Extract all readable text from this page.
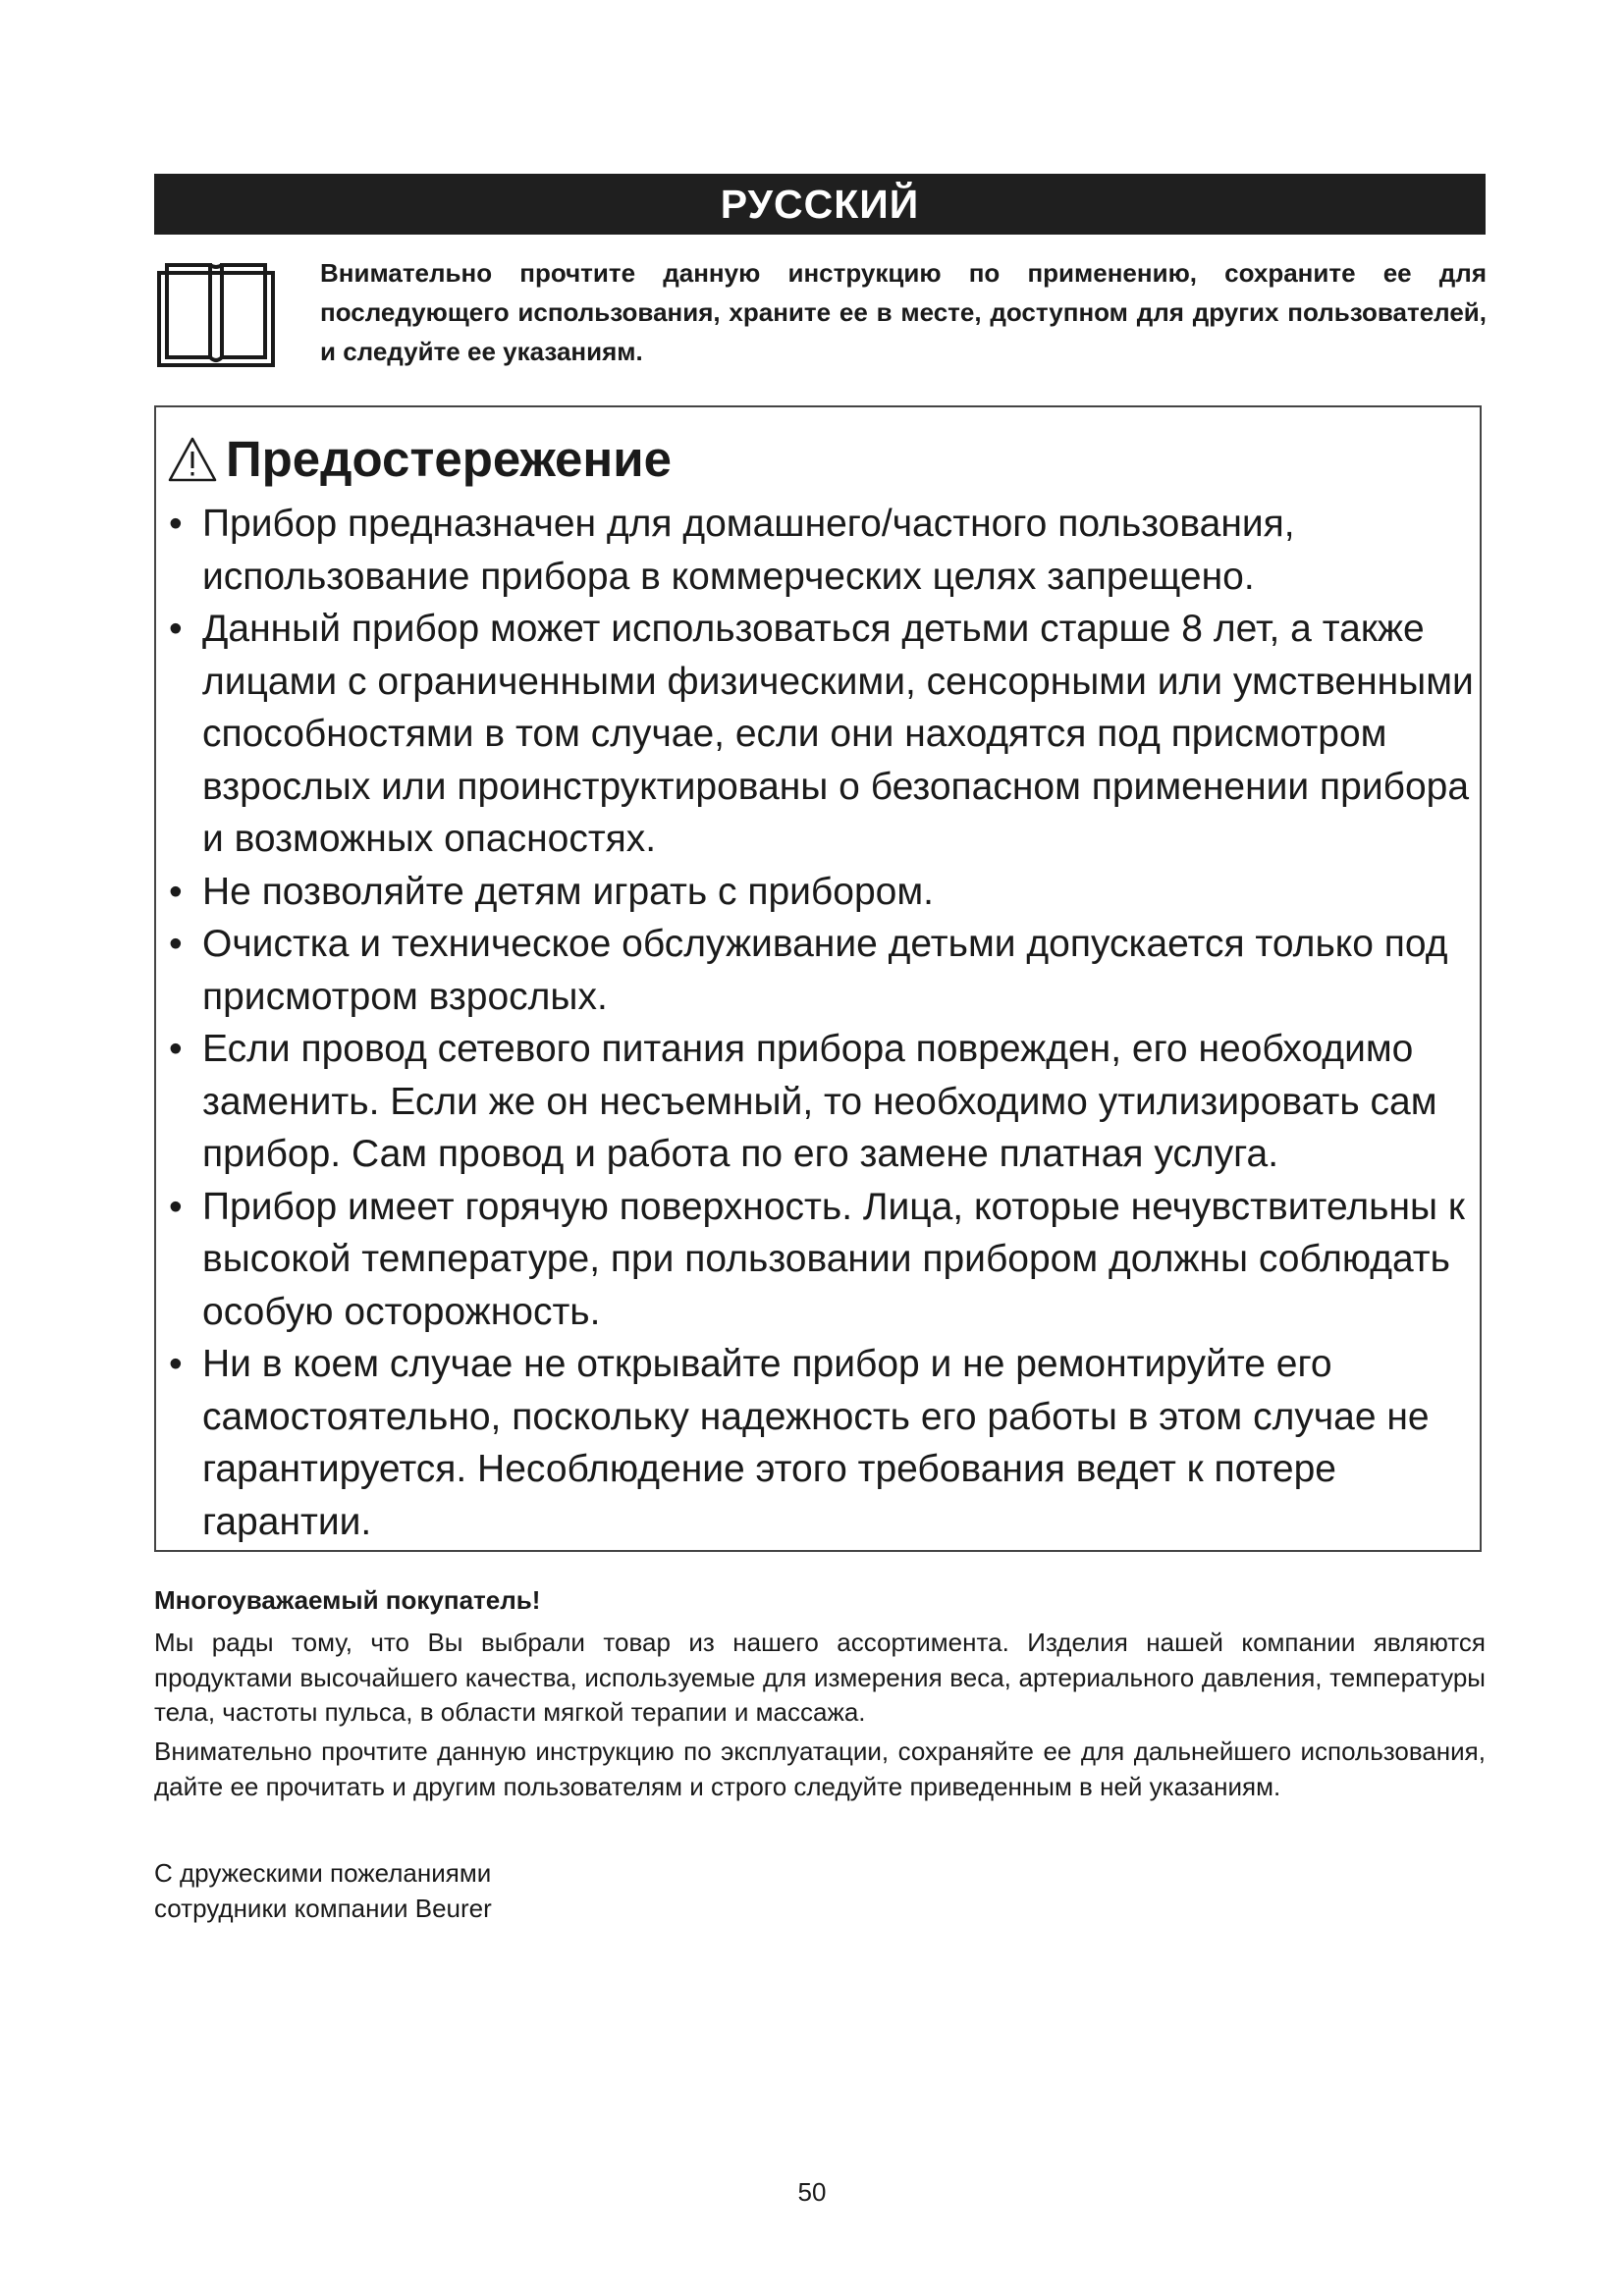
РУССКИЙ

Внимательно прочтите данную инструкцию по применению, сохраните ее для последующего использования, храните ее в месте, доступном для других пользователей, и следуйте ее указаниям.

Предостережение
• Прибор предназначен для домашнего/частного пользования, использование прибора в коммерческих целях запрещено.
• Данный прибор может использоваться детьми старше 8 лет, а также лицами с ограниченными физическими, сенсорными или умственными способностями в том случае, если они находятся под присмотром взрослых или проинструктированы о безопасном применении прибора и возможных опасностях.
• Не позволяйте детям играть с прибором.
• Очистка и техническое обслуживание детьми допускается только под присмотром взрослых.
• Если провод сетевого питания прибора поврежден, его необходимо заменить. Если же он несъемный, то необходимо утилизировать сам прибор. Сам провод и работа по его замене платная услуга.
• Прибор имеет горячую поверхность. Лица, которые нечувствительны к высокой температуре, при пользовании прибором должны соблюдать особую осторожность.
• Ни в коем случае не открывайте прибор и не ремонтируйте его самостоятельно, поскольку надежность его работы в этом случае не гарантируется. Несоблюдение этого требования ведет к потере гарантии.

Многоуважаемый покупатель!

Мы рады тому, что Вы выбрали товар из нашего ассортимента. Изделия нашей компании являются продуктами высочайшего качества, используемые для измерения веса, артериального давления, температуры тела, частоты пульса, в области мягкой терапии и массажа.

Внимательно прочтите данную инструкцию по эксплуатации, сохраняйте ее для дальнейшего использования, дайте ее прочитать и другим пользователям и строго следуйте приведенным в ней указаниям.

С дружескими пожеланиями
сотрудники компании Beurer
50
